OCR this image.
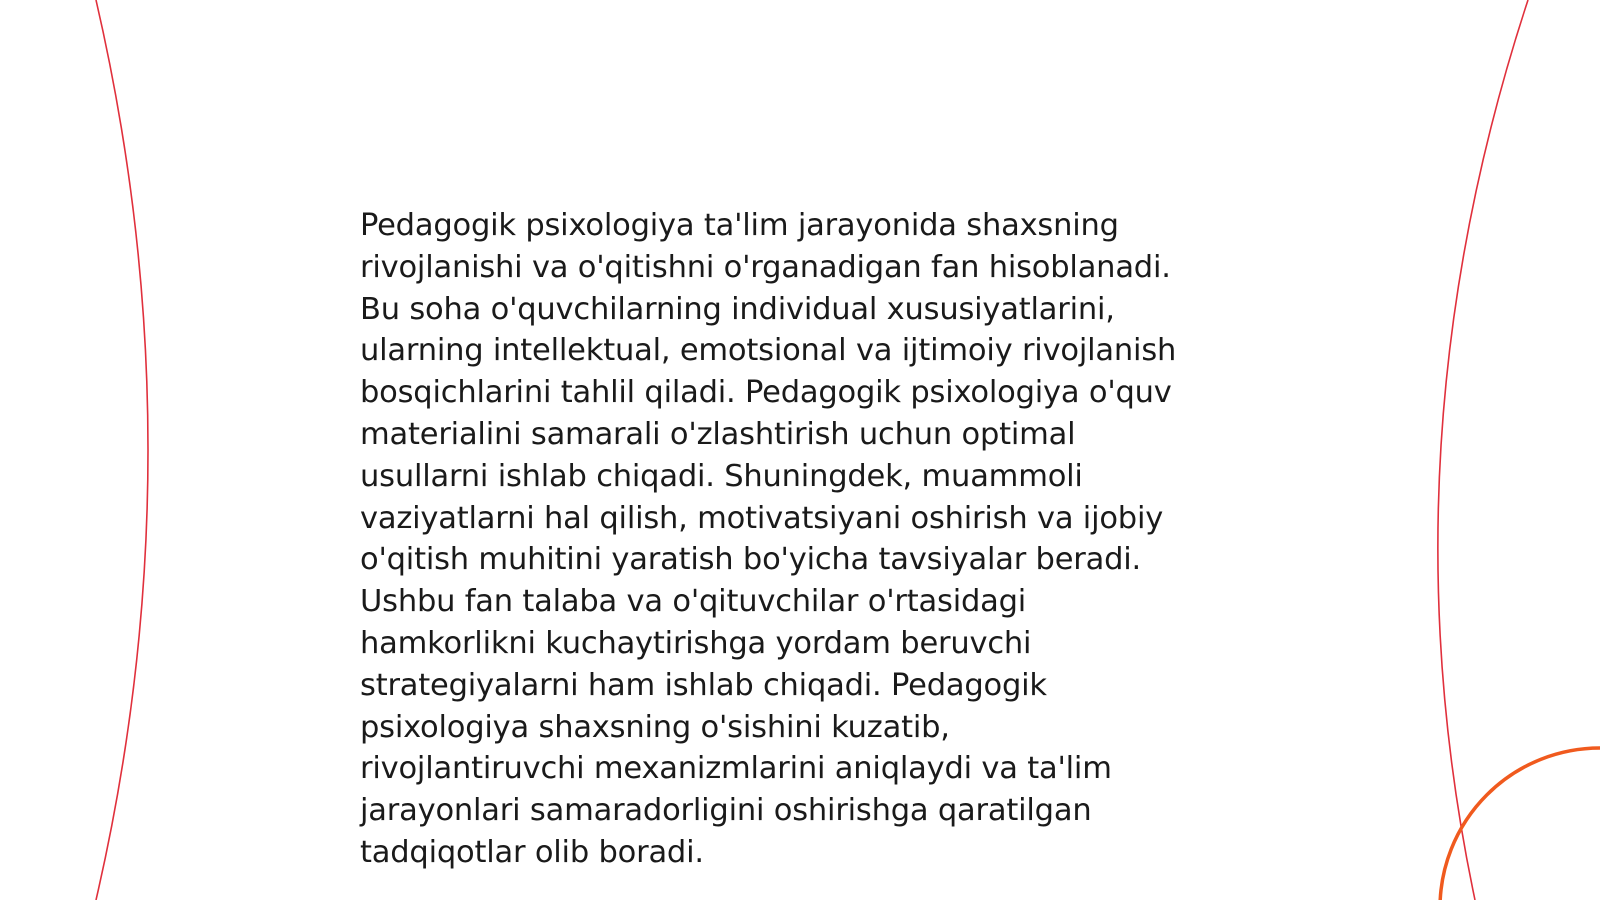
Pedagogik psixologiya ta'lim jarayonida shaxsning
rivojlanishi va o'qitishni o'rganadigan fan hisoblanadi.
Bu soha o'quvchilarning individual xususiyatlarini,
ularning intellektual, emotsional va ijtimoiy rivojlanish
bosqichlarini tahlil qiladi. Pedagogik psixologiya o'quv
materialini samarali o'zlashtirish uchun optimal
usullarni ishlab chiqadi. Shuningdek, muammoli
vaziyatlarni hal qilish, motivatsiyani oshirish va ijobiy
o'qitish muhitini yaratish bo'yicha tavsiyalar beradi.
Ushbu fan talaba va o'qituvchilar o'rtasidagi
hamkorlikni kuchaytirishga yordam beruvchi
strategiyalarni ham ishlab chiqadi. Pedagogik
psixologiya shaxsning o'sishini kuzatib,
rivojlantiruvchi mexanizmlarini aniqlaydi va ta'lim
jarayonlari samaradorligini oshirishga qaratilgan
tadqiqotlar olib boradi.
